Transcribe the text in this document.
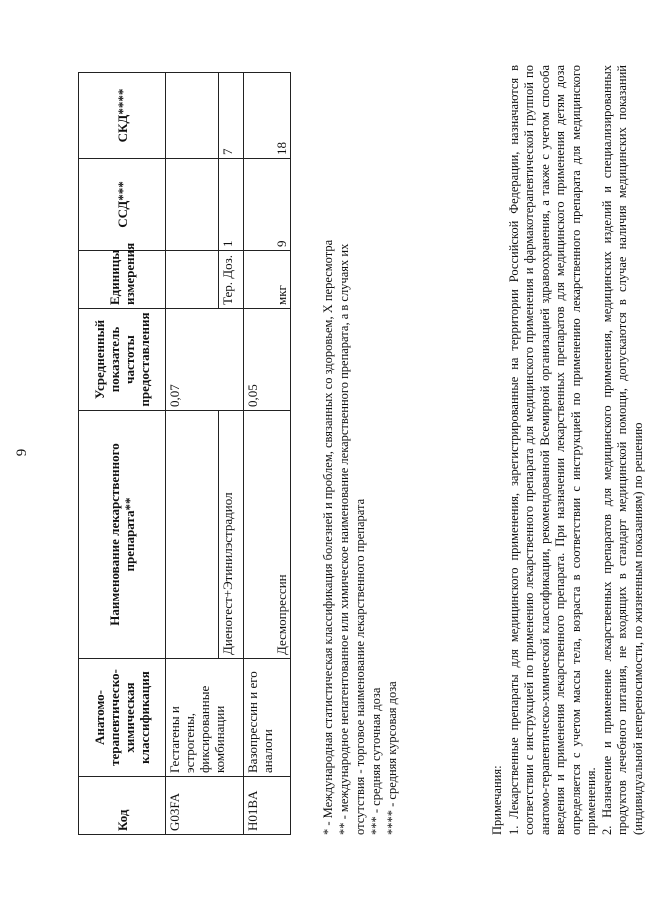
9
Код	Анатомо-терапевтическо-химическая классификация	Наименование лекарственного препарата**	Усредненный показатель частоты предоставления	Единицы измерения	ССД***	СКД****
G03FA	Гестагены и эстрогены, фиксированные комбинации		0,07			
		Диеногест+Этинилэстрадиол		Тер. Доз.	1	7
H01BA	Вазопрессин и его аналоги	Десмопрессин	0,05	мкг	9	18
* - Международная статистическая классификация болезней и проблем, связанных со здоровьем, X пересмотра ** - международное непатентованное или химическое наименование лекарственного препарата, а в случаях их отсутствия - торговое наименование лекарственного препарата *** - средняя суточная доза **** - средняя курсовая доза	Примечания: 1. Лекарственные препараты для медицинского применения, зарегистрированные на территории Российской Федерации, назначаются в соответствии с инструкцией по применению лекарственного препарата для медицинского применения и фармакотерапевтической группой по анатомо-терапевтическо-химической классификации, рекомендованной Всемирной организацией здравоохранения, а также с учетом способа введения и применения лекарственного препарата. При назначении лекарственных препаратов для медицинского применения детям доза определяется с учетом массы тела, возраста в соответствии с инструкцией по применению лекарственного препарата для медицинского применения. 2. Назначение и применение лекарственных препаратов для медицинского применения, медицинских изделий и специализированных продуктов лечебного питания, не входящих в стандарт медицинской помощи, допускаются в случае наличия медицинских показаний (индивидуальной непереносимости, по жизненным показаниям) по решению
